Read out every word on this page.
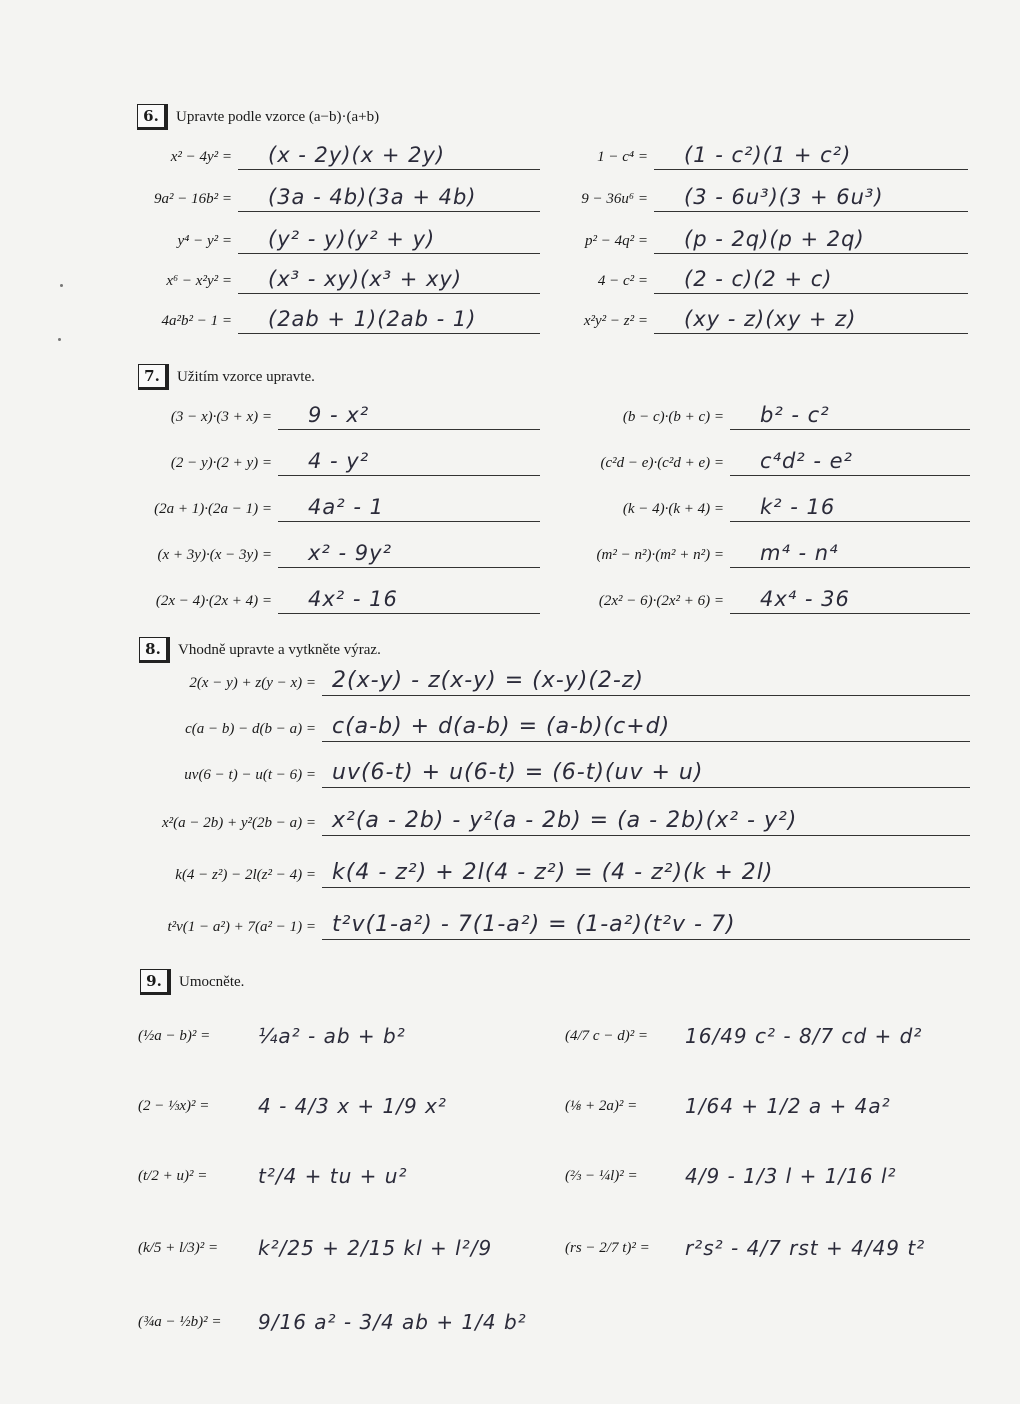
6.	Upravte podle vzorce (a−b)·(a+b)
x² − 4y² = (x - 2y)(x + 2y)
9a² − 16b² = (3a - 4b)(3a + 4b)
y⁴ − y² = (y² - y)(y² + y)
x⁶ − x²y² = (x³ - xy)(x³ + xy)
4a²b² − 1 = (2ab + 1)(2ab - 1)
1 − c⁴ = (1 - c²)(1 + c²)
9 − 36u⁶ = (3 - 6u³)(3 + 6u³)
p² − 4q² = (p - 2q)(p + 2q)
4 − c² = (2 - c)(2 + c)
x²y² − z² = (xy - z)(xy + z)
7.	Užitím vzorce upravte.
(3 − x)·(3 + x) = 9 - x²
(2 − y)·(2 + y) = 4 - y²
(2a + 1)·(2a − 1) = 4a² - 1
(x + 3y)·(x − 3y) = x² - 9y²
(2x − 4)·(2x + 4) = 4x² - 16
(b − c)·(b + c) = b² - c²
(c²d − e)·(c²d + e) = c⁴d² - e²
(k − 4)·(k + 4) = k² - 16
(m² − n²)·(m² + n²) = m⁴ - n⁴
(2x² − 6)·(2x² + 6) = 4x⁴ - 36
8.	Vhodně upravte a vytkněte výraz.
2(x − y) + z(y − x) = 2(x-y) - z(x-y) = (x-y)(2-z)
c(a − b) − d(b − a) = c(a-b) + d(a-b) = (a-b)(c+d)
uv(6 − t) − u(t − 6) = uv(6-t) + u(6-t) = (6-t)(uv + u)
x²(a − 2b) + y²(2b − a) = x²(a - 2b) - y²(a - 2b) = (a - 2b)(x² - y²)
k(4 − z²) − 2l(z² − 4) = k(4 - z²) + 2l(4 - z²) = (4 - z²)(k + 2l)
t²v(1 − a²) + 7(a² − 1) = t²v(1-a²) - 7(1-a²) = (1-a²)(t²v - 7)
9.	Umocněte.
(½a − b)² =	¼a² - ab + b²
(2 − ⅓x)² =	4 - 4/3 x + 1/9 x²
(t/2 + u)² =	t²/4 + tu + u²
(k/5 + l/3)² =	k²/25 + 2/15 kl + l²/9
(¾a − ½b)² =	9/16 a² - 3/4 ab + 1/4 b²
(4/7 c − d)² =	16/49 c² - 8/7 cd + d²
(⅛ + 2a)² =	1/64 + 1/2 a + 4a²
(⅔ − ¼l)² =	4/9 - 1/3 l + 1/16 l²
(rs − 2/7 t)² =	r²s² - 4/7 rst + 4/49 t²
